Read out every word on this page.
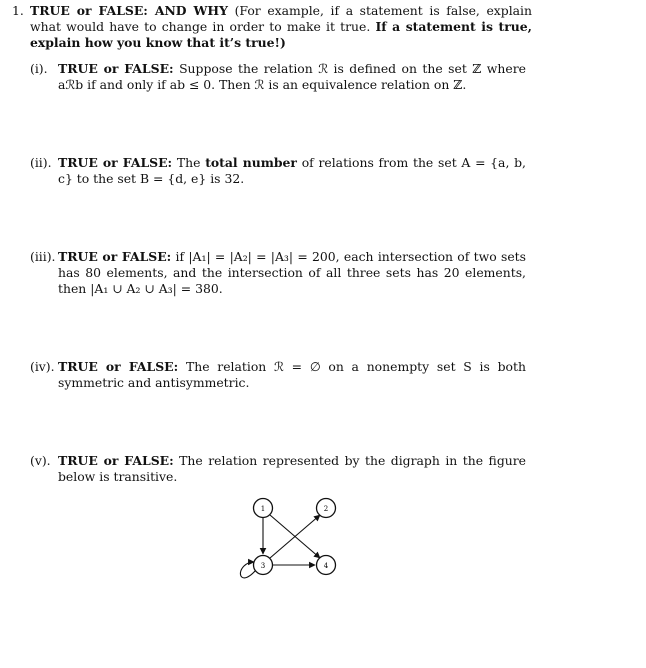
1. TRUE or FALSE: AND WHY (For example, if a statement is false, explain what would have to change in order to make it true. If a statement is true, explain how you know that it’s true!)
(i). TRUE or FALSE: Suppose the relation ℛ is defined on the set ℤ where aℛb if and only if ab ≤ 0. Then ℛ is an equivalence relation on ℤ.
(ii). TRUE or FALSE: The total number of relations from the set A = {a, b, c} to the set B = {d, e} is 32.
(iii). TRUE or FALSE: if |A₁| = |A₂| = |A₃| = 200, each intersection of two sets has 80 elements, and the intersection of all three sets has 20 elements, then |A₁ ∪ A₂ ∪ A₃| = 380.
(iv). TRUE or FALSE: The relation ℛ = ∅ on a nonempty set S is both symmetric and antisymmetric.
(v). TRUE or FALSE: The relation represented by the digraph in the figure below is transitive.
1	2
3	4
